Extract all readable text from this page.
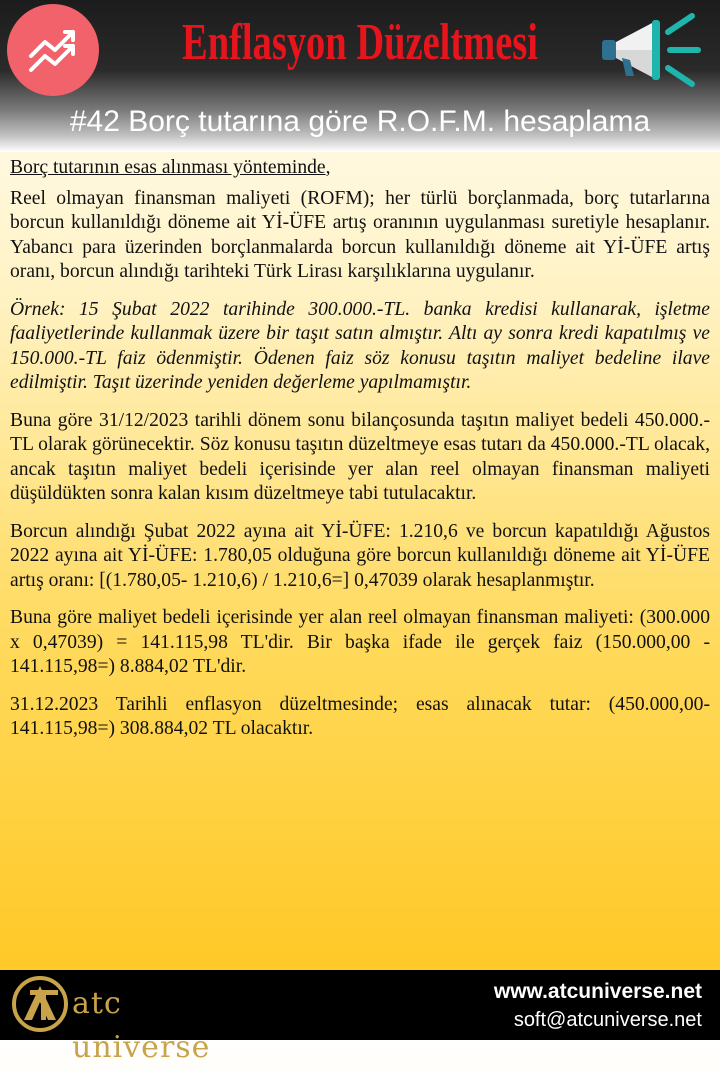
Enflasyon Düzeltmesi
#42 Borç tutarına göre R.O.F.M. hesaplama

Borç tutarının esas alınması yönteminde,

Reel olmayan finansman maliyeti (ROFM); her türlü borçlanmada, borç tutarlarına borcun kullanıldığı döneme ait Yİ-ÜFE artış oranının uygulanması suretiyle hesaplanır. Yabancı para üzerinden borçlanmalarda borcun kullanıldığı döneme ait Yİ-ÜFE artış oranı, borcun alındığı tarihteki Türk Lirası karşılıklarına uygulanır.

Örnek: 15 Şubat 2022 tarihinde 300.000.-TL. banka kredisi kullanarak, işletme faaliyetlerinde kullanmak üzere bir taşıt satın almıştır. Altı ay sonra kredi kapatılmış ve 150.000.-TL faiz ödenmiştir. Ödenen faiz söz konusu taşıtın maliyet bedeline ilave edilmiştir. Taşıt üzerinde yeniden değerleme yapılmamıştır.

Buna göre 31/12/2023 tarihli dönem sonu bilançosunda taşıtın maliyet bedeli 450.000.-TL olarak görünecektir. Söz konusu taşıtın düzeltmeye esas tutarı da 450.000.-TL olacak, ancak taşıtın maliyet bedeli içerisinde yer alan reel olmayan finansman maliyeti düşüldükten sonra kalan kısım düzeltmeye tabi tutulacaktır.

Borcun alındığı Şubat 2022 ayına ait Yİ-ÜFE: 1.210,6 ve borcun kapatıldığı Ağustos 2022 ayına ait Yİ-ÜFE: 1.780,05 olduğuna göre borcun kullanıldığı döneme ait Yİ-ÜFE artış oranı: [(1.780,05- 1.210,6) / 1.210,6=] 0,47039 olarak hesaplanmıştır.

Buna göre maliyet bedeli içerisinde yer alan reel olmayan finansman maliyeti: (300.000 x 0,47039) = 141.115,98 TL'dir. Bir başka ifade ile gerçek faiz (150.000,00 - 141.115,98=) 8.884,02 TL'dir.

31.12.2023 Tarihli enflasyon düzeltmesinde; esas alınacak tutar: (450.000,00-141.115,98=) 308.884,02 TL olacaktır.

atc universe
www.atcuniverse.net
soft@atcuniverse.net
